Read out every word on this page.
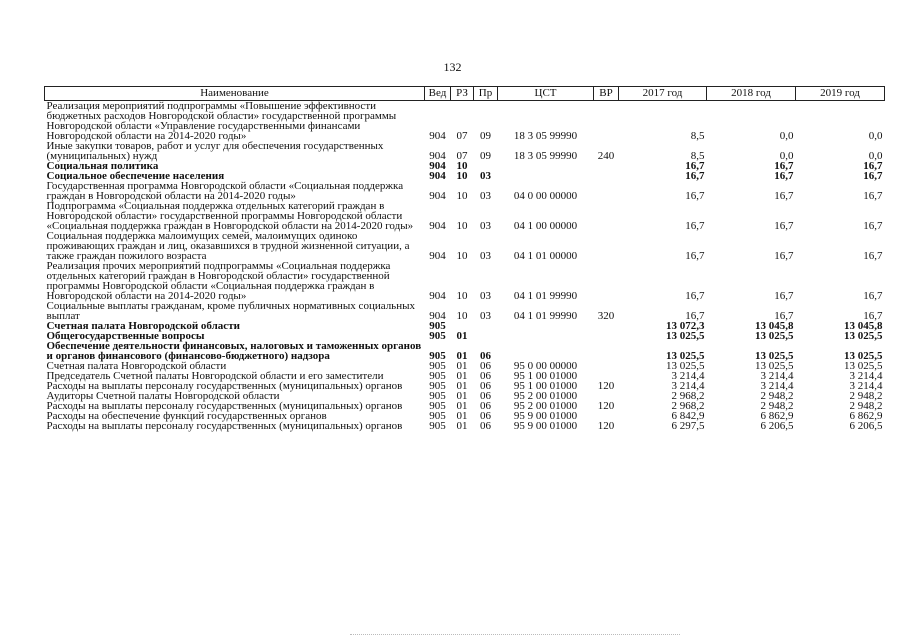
132
Наименование	Вед	РЗ	Пр	ЦСТ	ВР	2017 год	2018 год	2019 год
Реализация мероприятий подпрограммы «Повышение эффективности бюджетных расходов Новгородской области» государственной программы Новгородской области «Управление государственными финансами Новгородской области на 2014-2020 годы»	904	07	09	18 3 05 99990		8,5	0,0	0,0
Иные закупки товаров, работ и услуг для обеспечения государственных (муниципальных) нужд	904	07	09	18 3 05 99990	240	8,5	0,0	0,0
Социальная политика	904	10				16,7	16,7	16,7
Социальное обеспечение населения	904	10	03			16,7	16,7	16,7
Государственная программа Новгородской области «Социальная поддержка граждан в Новгородской области на 2014-2020 годы»	904	10	03	04 0 00 00000		16,7	16,7	16,7
Подпрограмма «Социальная поддержка отдельных категорий граждан в Новгородской области» государственной программы Новгородской области «Социальная поддержка граждан в Новгородской области на 2014-2020 годы»	904	10	03	04 1 00 00000		16,7	16,7	16,7
Социальная поддержка малоимущих семей, малоимущих одиноко проживающих граждан и лиц, оказавшихся в трудной жизненной ситуации, а также граждан пожилого возраста	904	10	03	04 1 01 00000		16,7	16,7	16,7
Реализация прочих мероприятий подпрограммы «Социальная поддержка отдельных категорий граждан в Новгородской области» государственной программы Новгородской области «Социальная поддержка граждан в Новгородской области на 2014-2020 годы»	904	10	03	04 1 01 99990		16,7	16,7	16,7
Социальные выплаты гражданам, кроме публичных нормативных социальных выплат	904	10	03	04 1 01 99990	320	16,7	16,7	16,7
Счетная палата Новгородской области	905					13 072,3	13 045,8	13 045,8
Общегосударственные вопросы	905	01				13 025,5	13 025,5	13 025,5
Обеспечение деятельности финансовых, налоговых и таможенных органов и органов финансового (финансово-бюджетного) надзора	905	01	06			13 025,5	13 025,5	13 025,5
Счетная палата Новгородской области	905	01	06	95 0 00 00000		13 025,5	13 025,5	13 025,5
Председатель Счетной палаты Новгородской области и его заместители	905	01	06	95 1 00 01000		3 214,4	3 214,4	3 214,4
Расходы на выплаты персоналу государственных (муниципальных) органов	905	01	06	95 1 00 01000	120	3 214,4	3 214,4	3 214,4
Аудиторы Счетной палаты Новгородской области	905	01	06	95 2 00 01000		2 968,2	2 948,2	2 948,2
Расходы на выплаты персоналу государственных (муниципальных) органов	905	01	06	95 2 00 01000	120	2 968,2	2 948,2	2 948,2
Расходы на обеспечение функций государственных органов	905	01	06	95 9 00 01000		6 842,9	6 862,9	6 862,9
Расходы на выплаты персоналу государственных (муниципальных) органов	905	01	06	95 9 00 01000	120	6 297,5	6 206,5	6 206,5
